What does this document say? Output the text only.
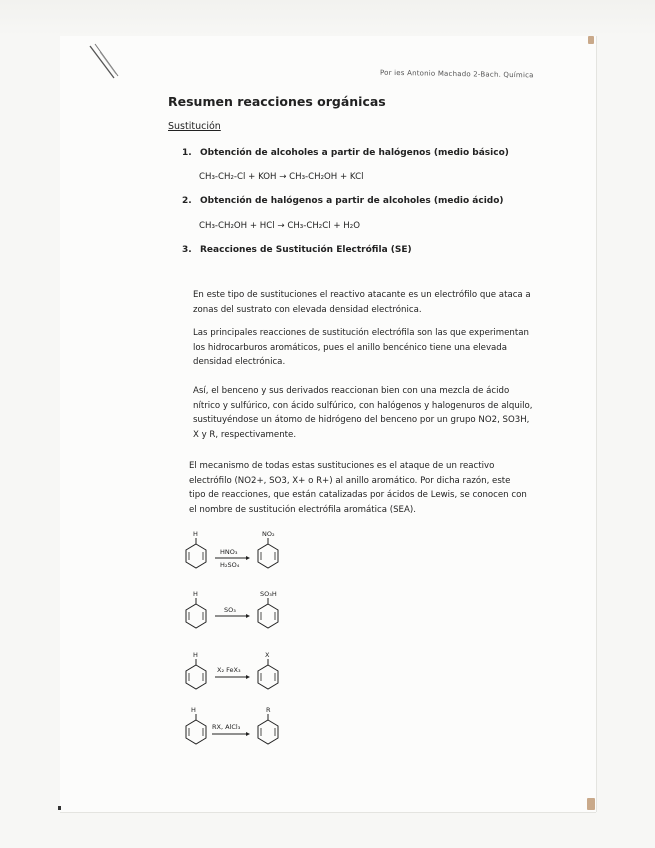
Por ies Antonio Machado 2-Bach. Química
Resumen reacciones orgánicas
Sustitución
1. Obtención de alcoholes a partir de halógenos (medio básico)
CH₃-CH₂-Cl + KOH → CH₃-CH₂OH + KCl
2. Obtención de halógenos a partir de alcoholes (medio ácido)
CH₃-CH₂OH + HCl → CH₃-CH₂Cl + H₂O
3. Reacciones de Sustitución Electrófila (SE)
En este tipo de sustituciones el reactivo atacante es un electrófilo que ataca a zonas del sustrato con elevada densidad electrónica.
Las principales reacciones de sustitución electrófila son las que experimentan los hidrocarburos aromáticos, pues el anillo bencénico tiene una elevada densidad electrónica.
Así, el benceno y sus derivados reaccionan bien con una mezcla de ácido nítrico y sulfúrico, con ácido sulfúrico, con halógenos y halogenuros de alquilo, sustituyéndose un átomo de hidrógeno del benceno por un grupo NO2, SO3H, X y R, respectivamente.
El mecanismo de todas estas sustituciones es el ataque de un reactivo electrófilo (NO2+, SO3, X+ o R+) al anillo aromático. Por dicha razón, este tipo de reacciones, que están catalizadas por ácidos de Lewis, se conocen con el nombre de sustitución electrófila aromática (SEA).
H
HNO₃
H₂SO₄
NO₂
H
SO₃
SO₃H
H
X₂ FeX₃
X
H
RX, AlCl₃
R
